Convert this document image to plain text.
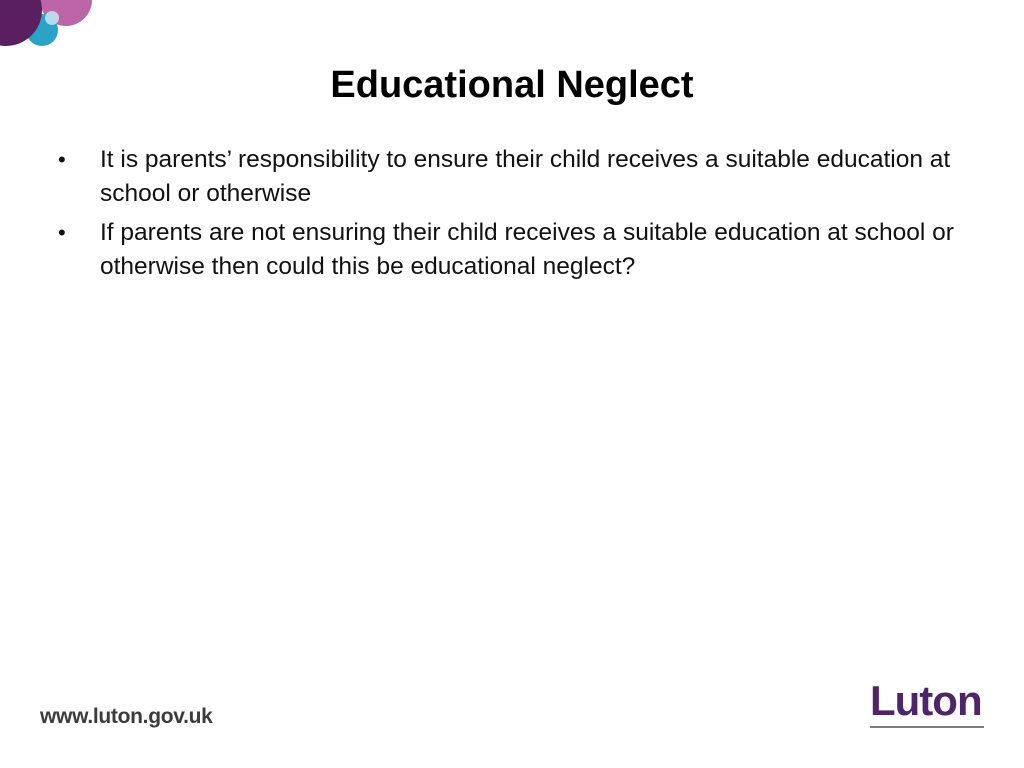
Educational Neglect
• It is parents’ responsibility to ensure their child receives a suitable education at school or otherwise
• If parents are not ensuring their child receives a suitable education at school or otherwise then could this be educational neglect?
www.luton.gov.uk	Luton
